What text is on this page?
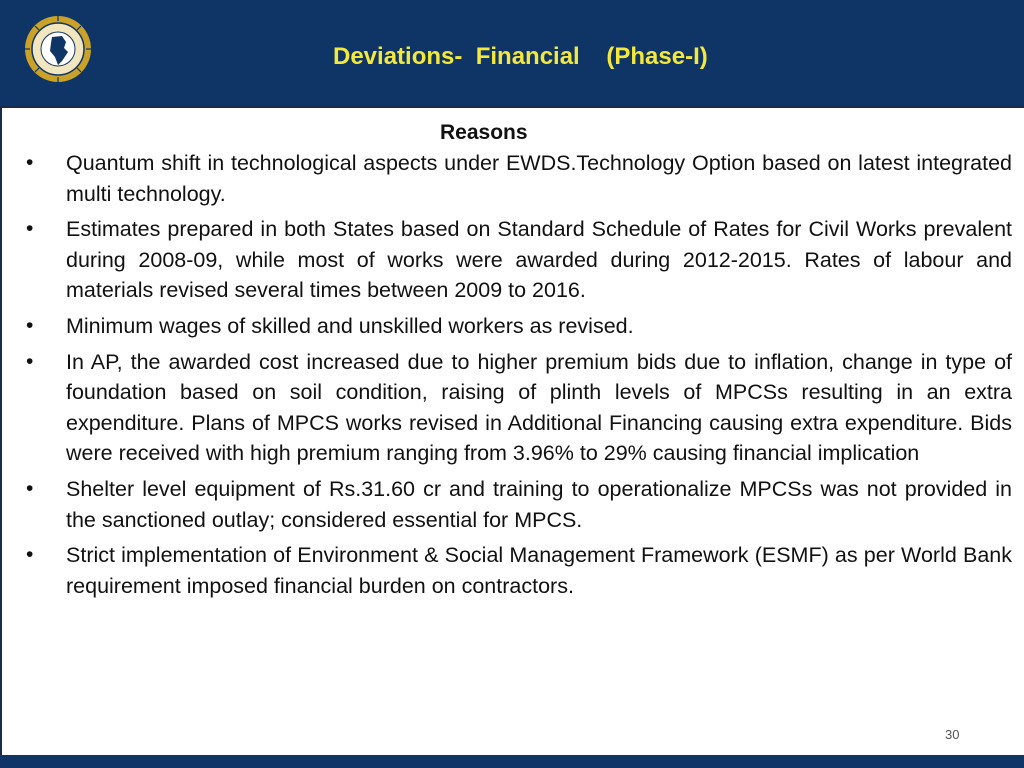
Deviations-  Financial    (Phase-I)
Reasons
• Quantum shift in technological aspects under EWDS.Technology Option based on latest integrated multi technology.
• Estimates prepared in both States based on Standard Schedule of Rates for Civil Works prevalent during 2008-09, while most of works were awarded during 2012-2015. Rates of labour and materials revised several times between 2009 to 2016.
• Minimum wages of skilled and unskilled workers as revised.
• In AP, the awarded cost increased due to higher premium bids due to inflation, change in type of foundation based on soil condition, raising of plinth levels of MPCSs resulting in an extra expenditure. Plans of MPCS works revised in Additional Financing causing extra expenditure. Bids were received with high premium ranging from 3.96% to 29% causing financial implication
• Shelter level equipment of Rs.31.60 cr and training to operationalize MPCSs was not provided in the sanctioned outlay; considered essential for MPCS.
• Strict implementation of Environment & Social Management Framework (ESMF) as per World Bank requirement imposed financial burden on contractors.
30
